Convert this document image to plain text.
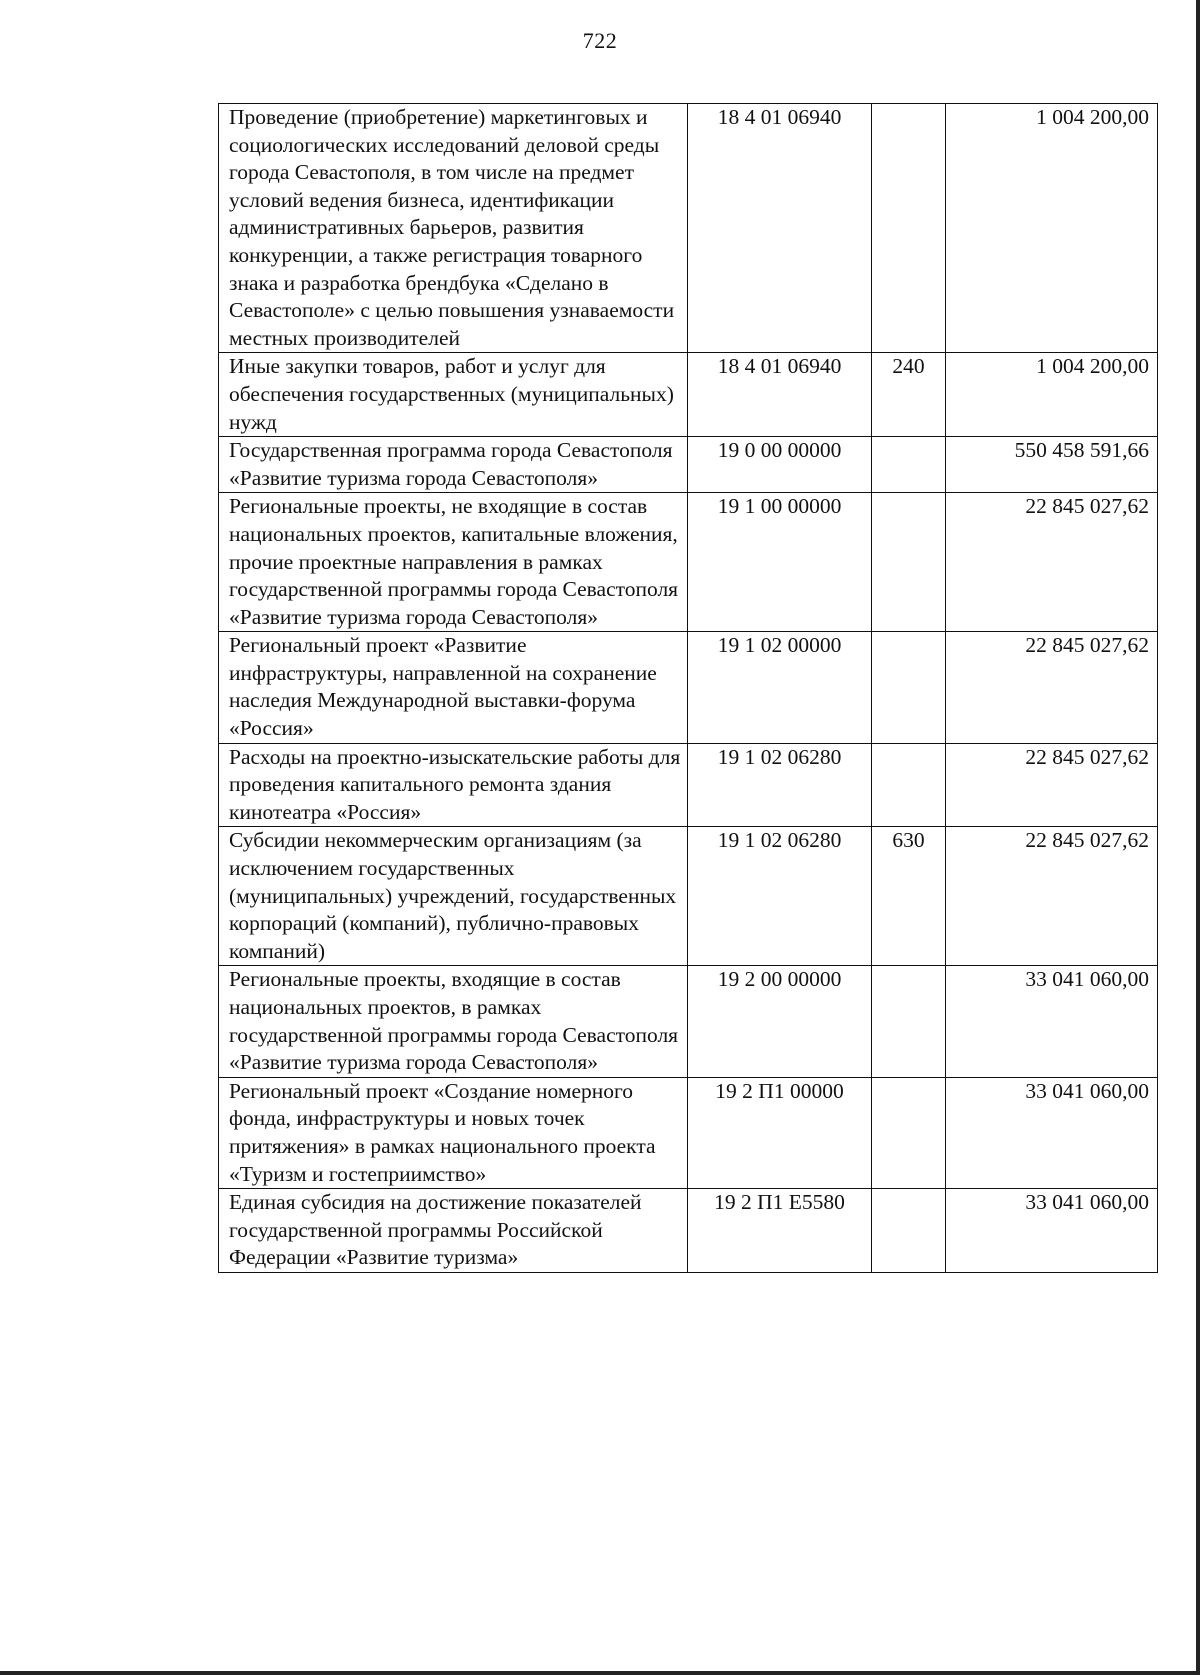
722
Проведение (приобретение) маркетинговых и социологических исследований деловой среды города Севастополя, в том числе на предмет условий ведения бизнеса, идентификации административных барьеров, развития конкуренции, а также регистрация товарного знака и разработка брендбука «Сделано в Севастополе» с целью повышения узнаваемости местных производителей	18 4 01 06940		1 004 200,00
Иные закупки товаров, работ и услуг для обеспечения государственных (муниципальных) нужд	18 4 01 06940	240	1 004 200,00
Государственная программа города Севастополя «Развитие туризма города Севастополя»	19 0 00 00000		550 458 591,66
Региональные проекты, не входящие в состав национальных проектов, капитальные вложения, прочие проектные направления в рамках государственной программы города Севастополя «Развитие туризма города Севастополя»	19 1 00 00000		22 845 027,62
Региональный проект «Развитие инфраструктуры, направленной на сохранение наследия Международной выставки-форума «Россия»	19 1 02 00000		22 845 027,62
Расходы на проектно-изыскательские работы для проведения капитального ремонта здания кинотеатра «Россия»	19 1 02 06280		22 845 027,62
Субсидии некоммерческим организациям (за исключением государственных (муниципальных) учреждений, государственных корпораций (компаний), публично-правовых компаний)	19 1 02 06280	630	22 845 027,62
Региональные проекты, входящие в состав национальных проектов, в рамках государственной программы города Севастополя «Развитие туризма города Севастополя»	19 2 00 00000		33 041 060,00
Региональный проект «Создание номерного фонда, инфраструктуры и новых точек притяжения» в рамках национального проекта «Туризм и гостеприимство»	19 2 П1 00000		33 041 060,00
Единая субсидия на достижение показателей государственной программы Российской Федерации «Развитие туризма»	19 2 П1 Е5580		33 041 060,00
